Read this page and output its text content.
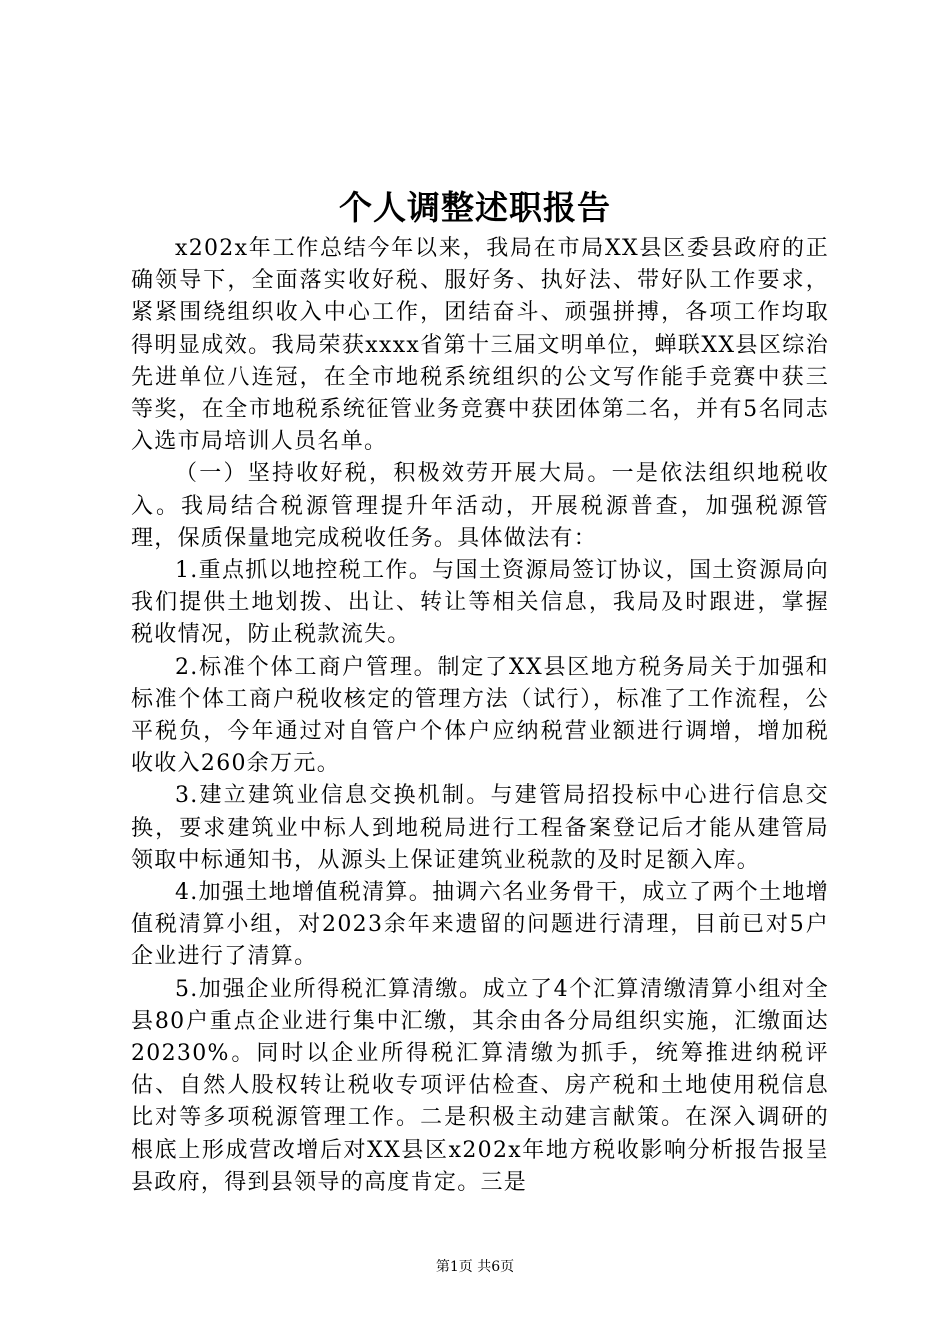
个人调整述职报告

x202x年工作总结今年以来，我局在市局XX县区委县政府的正确领导下，全面落实收好税、服好务、执好法、带好队工作要求，紧紧围绕组织收入中心工作，团结奋斗、顽强拼搏，各项工作均取得明显成效。我局荣获xxxx省第十三届文明单位，蝉联XX县区综治先进单位八连冠，在全市地税系统组织的公文写作能手竞赛中获三等奖，在全市地税系统征管业务竞赛中获团体第二名，并有5名同志入选市局培训人员名单。

（一）坚持收好税，积极效劳开展大局。一是依法组织地税收入。我局结合税源管理提升年活动，开展税源普查，加强税源管理，保质保量地完成税收任务。具体做法有：

1.重点抓以地控税工作。与国土资源局签订协议，国土资源局向我们提供土地划拨、出让、转让等相关信息，我局及时跟进，掌握税收情况，防止税款流失。

2.标准个体工商户管理。制定了XX县区地方税务局关于加强和标准个体工商户税收核定的管理方法（试行），标准了工作流程，公平税负，今年通过对自管户个体户应纳税营业额进行调增，增加税收收入260余万元。

3.建立建筑业信息交换机制。与建管局招投标中心进行信息交换，要求建筑业中标人到地税局进行工程备案登记后才能从建管局领取中标通知书，从源头上保证建筑业税款的及时足额入库。

4.加强土地增值税清算。抽调六名业务骨干，成立了两个土地增值税清算小组，对2023余年来遗留的问题进行清理，目前已对5户企业进行了清算。

5.加强企业所得税汇算清缴。成立了4个汇算清缴清算小组对全县80户重点企业进行集中汇缴，其余由各分局组织实施，汇缴面达20230%。同时以企业所得税汇算清缴为抓手，统筹推进纳税评估、自然人股权转让税收专项评估检查、房产税和土地使用税信息比对等多项税源管理工作。二是积极主动建言献策。在深入调研的根底上形成营改增后对XX县区x202x年地方税收影响分析报告报呈县政府，得到县领导的高度肯定。三是

第1页 共6页
